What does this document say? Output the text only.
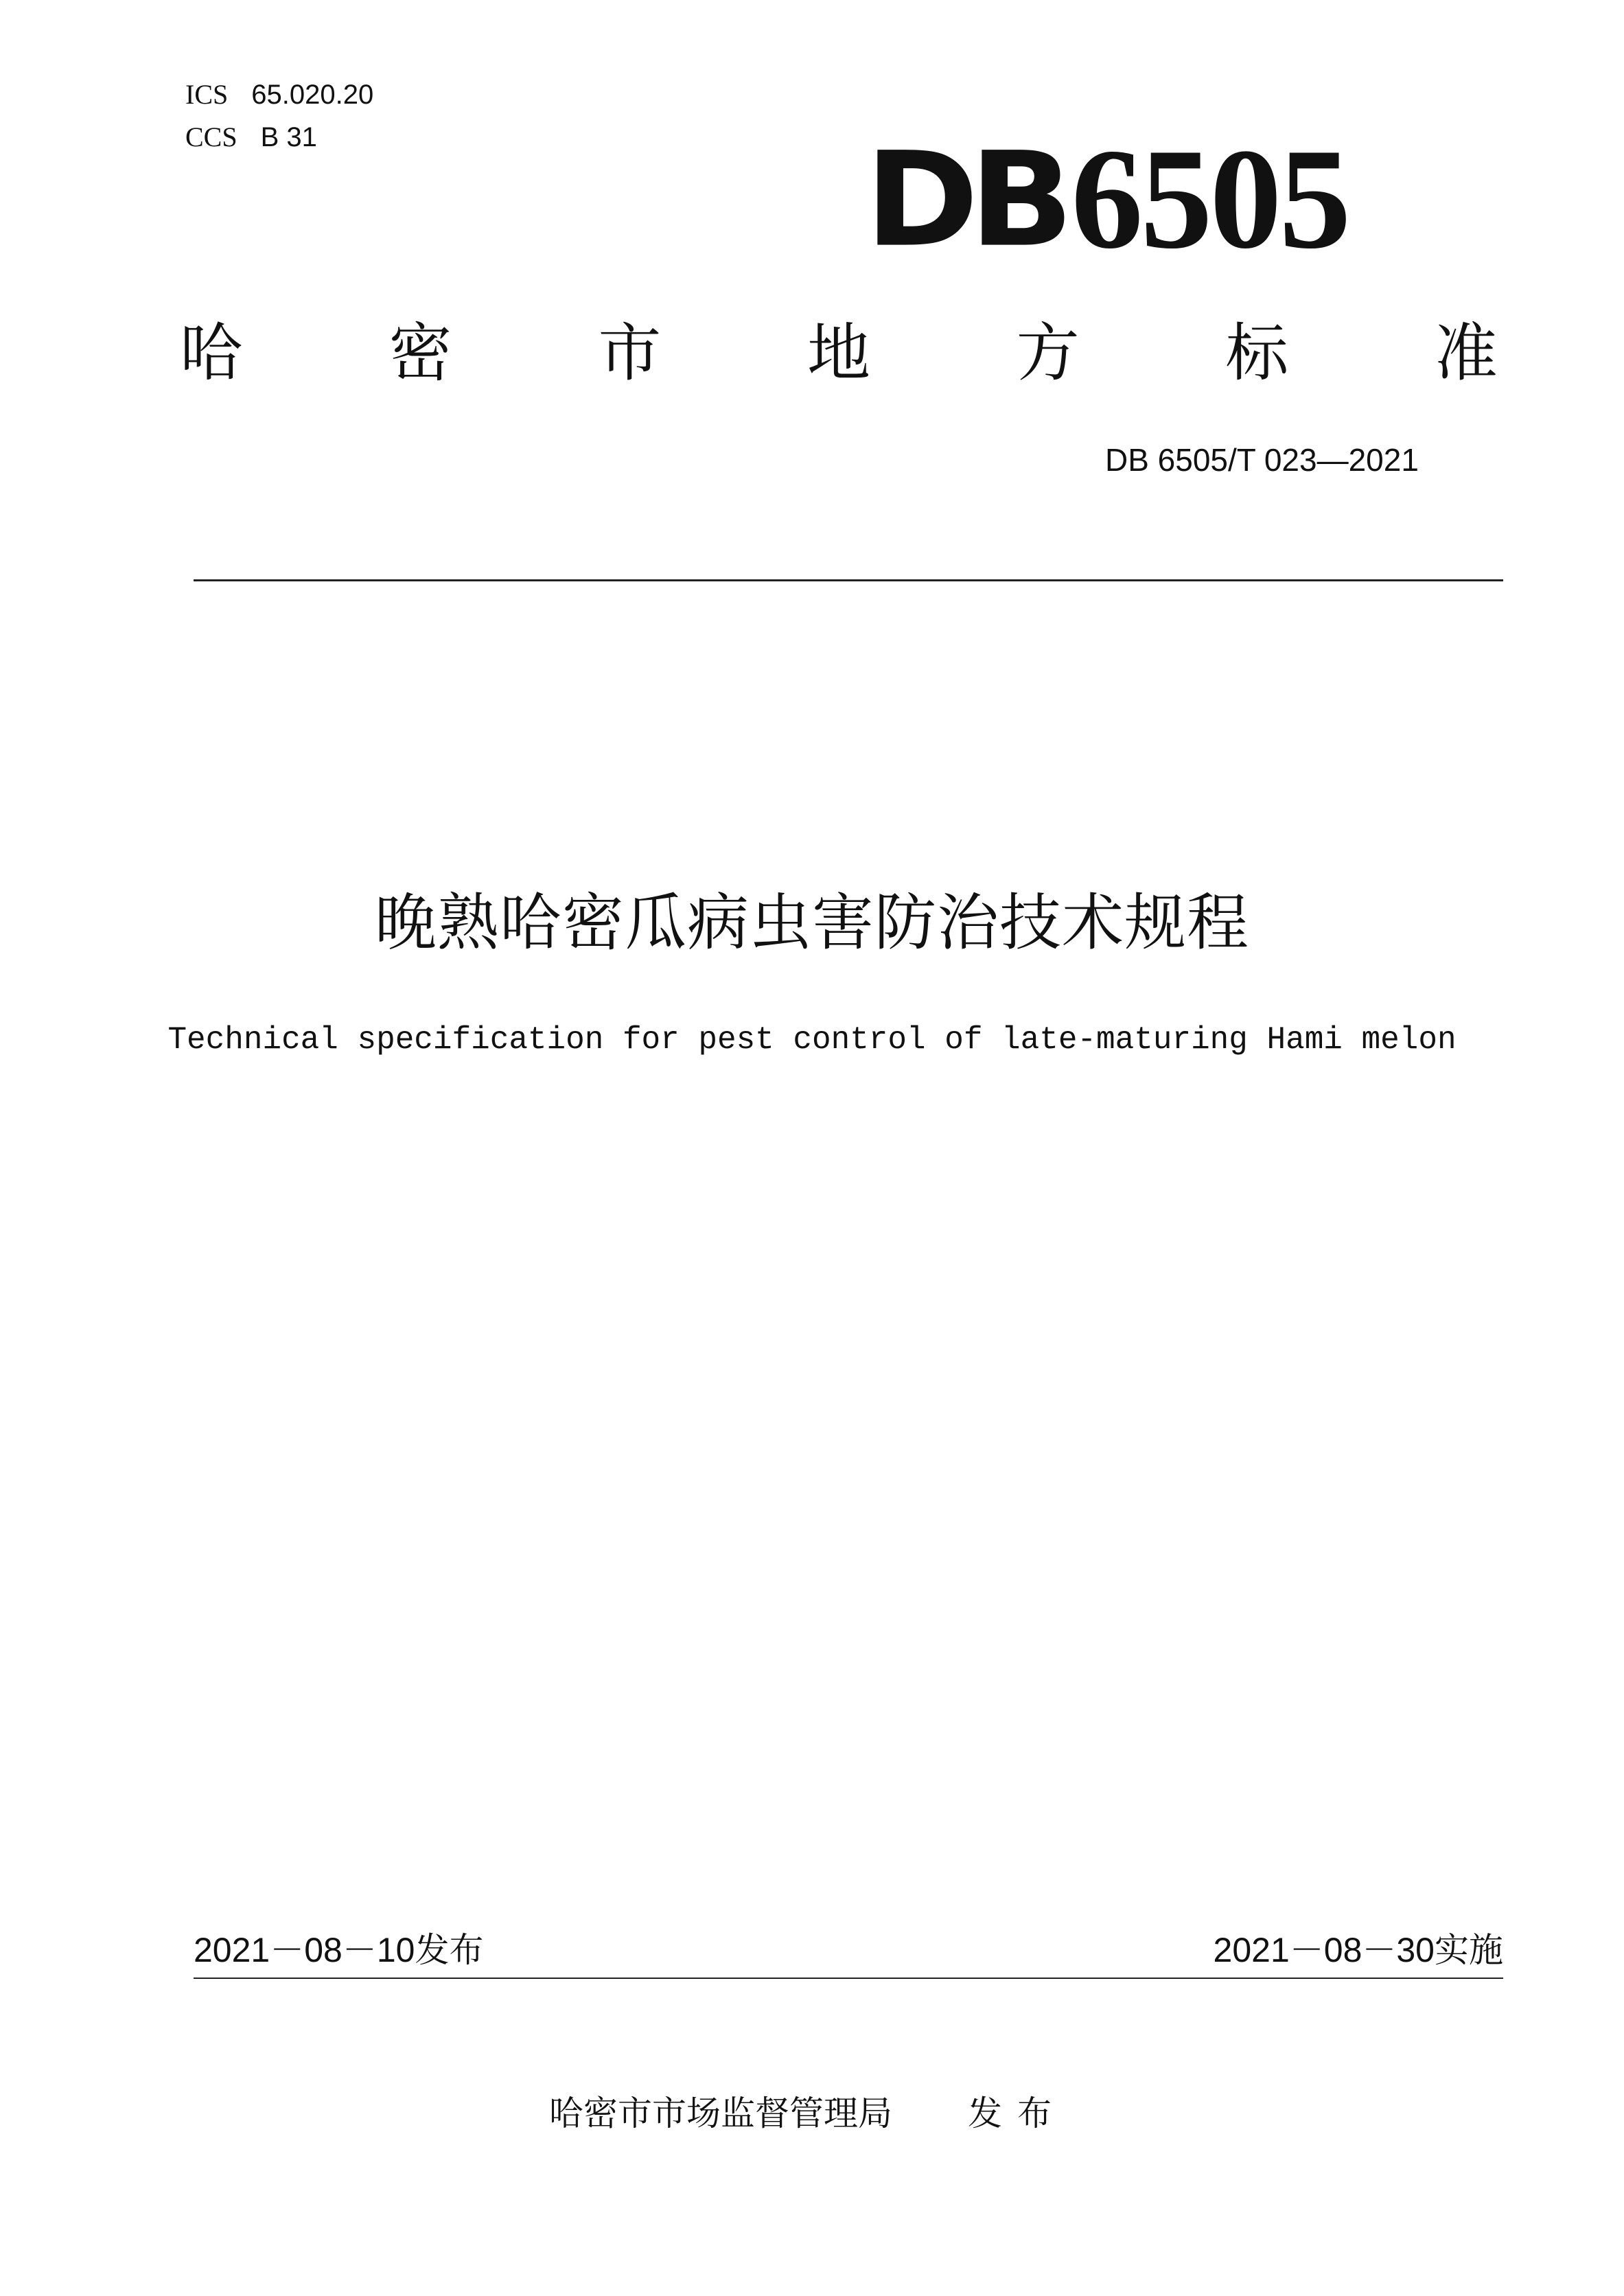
ICS 65.020.20
CCS B 31	DB6505
哈 密 市 地 方 标 准
DB 6505/T 023—2021
晚熟哈密瓜病虫害防治技术规程
Technical specification for pest control of late-maturing Hami melon
2021－08－10发布	2021－08－30实施
哈密市市场监督管理局 发布
